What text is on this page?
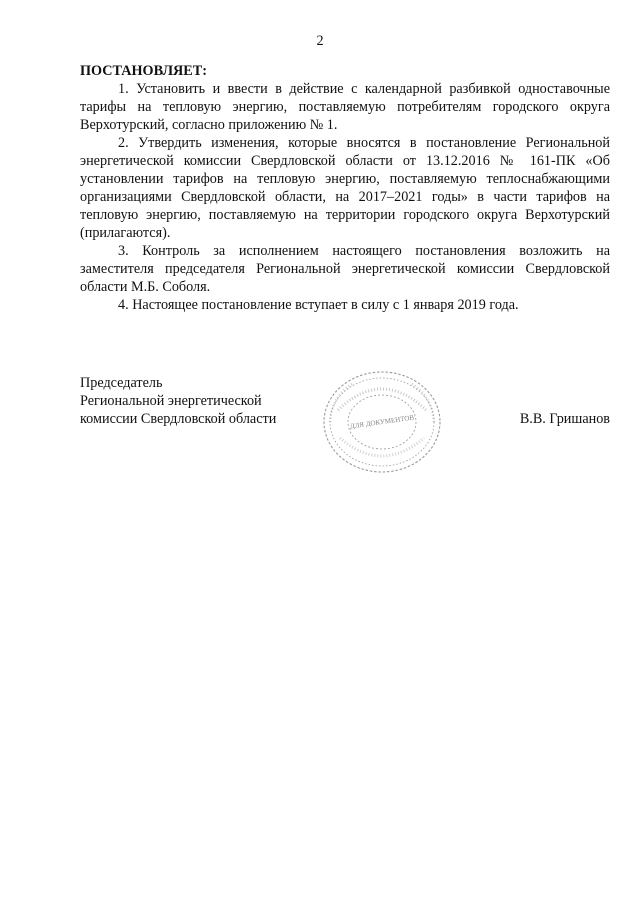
2

ПОСТАНОВЛЯЕТ:

1. Установить и ввести в действие с календарной разбивкой одноставочные тарифы на тепловую энергию, поставляемую потребителям городского округа Верхотурский, согласно приложению № 1.

2. Утвердить изменения, которые вносятся в постановление Региональной энергетической комиссии Свердловской области от 13.12.2016 № 161-ПК «Об установлении тарифов на тепловую энергию, поставляемую теплоснабжающими организациями Свердловской области, на 2017–2021 годы» в части тарифов на тепловую энергию, поставляемую на территории городского округа Верхотурский (прилагаются).

3. Контроль за исполнением настоящего постановления возложить на заместителя председателя Региональной энергетической комиссии Свердловской области М.Б. Соболя.

4. Настоящее постановление вступает в силу с 1 января 2019 года.

Председатель
Региональной энергетической
комиссии Свердловской области	ДЛЯ ДОКУМЕНТОВ	В.В. Гришанов
